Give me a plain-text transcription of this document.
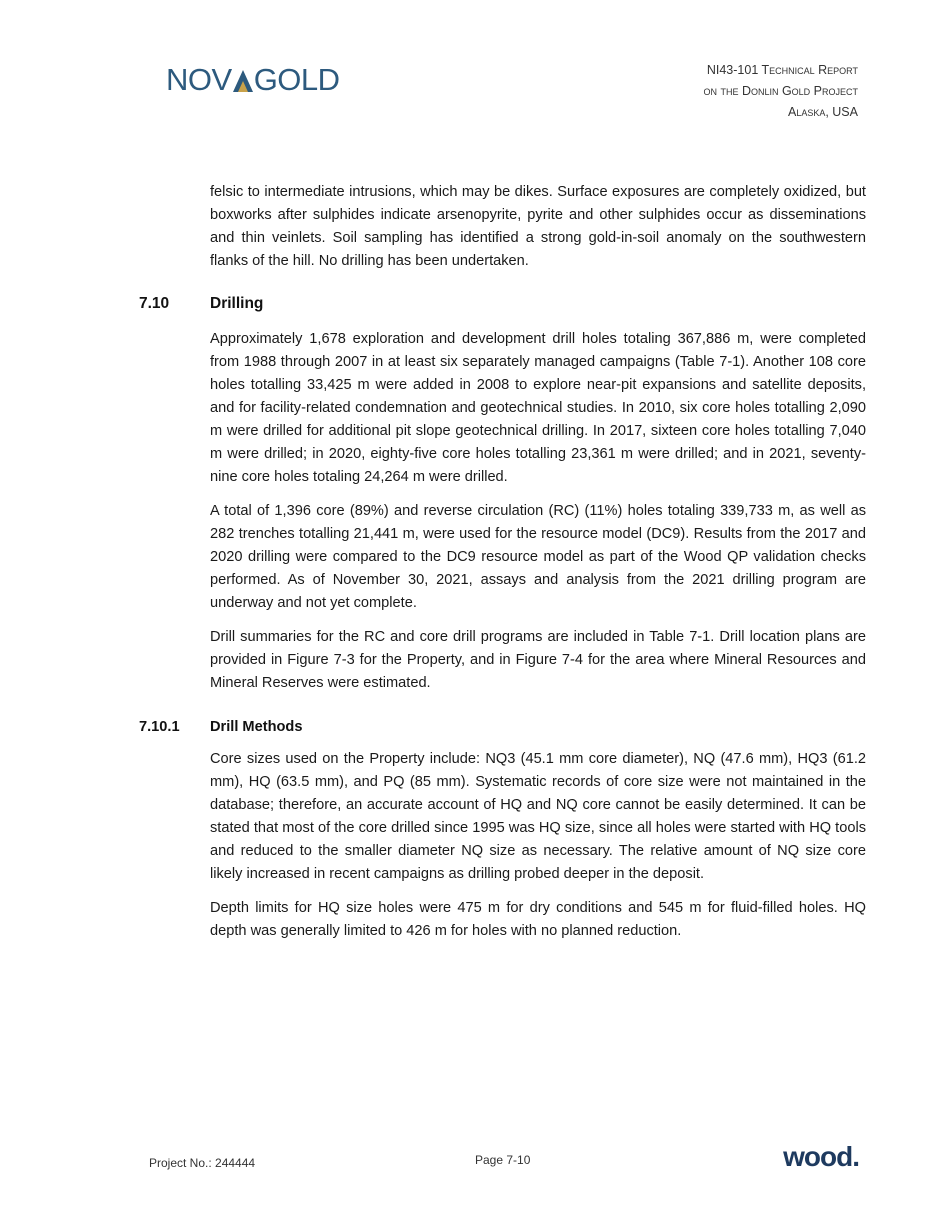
NOV GOLD	NI43-101 Technical Report
on the Donlin Gold Project
Alaska, USA

felsic to intermediate intrusions, which may be dikes. Surface exposures are completely oxidized, but boxworks after sulphides indicate arsenopyrite, pyrite and other sulphides occur as disseminations and thin veinlets. Soil sampling has identified a strong gold-in-soil anomaly on the southwestern flanks of the hill. No drilling has been undertaken.

7.10	Drilling

Approximately 1,678 exploration and development drill holes totaling 367,886 m, were completed from 1988 through 2007 in at least six separately managed campaigns (Table 7-1). Another 108 core holes totalling 33,425 m were added in 2008 to explore near-pit expansions and satellite deposits, and for facility-related condemnation and geotechnical studies. In 2010, six core holes totalling 2,090 m were drilled for additional pit slope geotechnical drilling. In 2017, sixteen core holes totalling 7,040 m were drilled; in 2020, eighty-five core holes totalling 23,361 m were drilled; and in 2021, seventy-nine core holes totaling 24,264 m were drilled.

A total of 1,396 core (89%) and reverse circulation (RC) (11%) holes totaling 339,733 m, as well as 282 trenches totalling 21,441 m, were used for the resource model (DC9). Results from the 2017 and 2020 drilling were compared to the DC9 resource model as part of the Wood QP validation checks performed. As of November 30, 2021, assays and analysis from the 2021 drilling program are underway and not yet complete.

Drill summaries for the RC and core drill programs are included in Table 7-1. Drill location plans are provided in Figure 7-3 for the Property, and in Figure 7-4 for the area where Mineral Resources and Mineral Reserves were estimated.

7.10.1	Drill Methods

Core sizes used on the Property include: NQ3 (45.1 mm core diameter), NQ (47.6 mm), HQ3 (61.2 mm), HQ (63.5 mm), and PQ (85 mm). Systematic records of core size were not maintained in the database; therefore, an accurate account of HQ and NQ core cannot be easily determined. It can be stated that most of the core drilled since 1995 was HQ size, since all holes were started with HQ tools and reduced to the smaller diameter NQ size as necessary. The relative amount of NQ size core likely increased in recent campaigns as drilling probed deeper in the deposit.

Depth limits for HQ size holes were 475 m for dry conditions and 545 m for fluid-filled holes. HQ depth was generally limited to 426 m for holes with no planned reduction.

Project No.: 244444	Page 7-10	wood.
